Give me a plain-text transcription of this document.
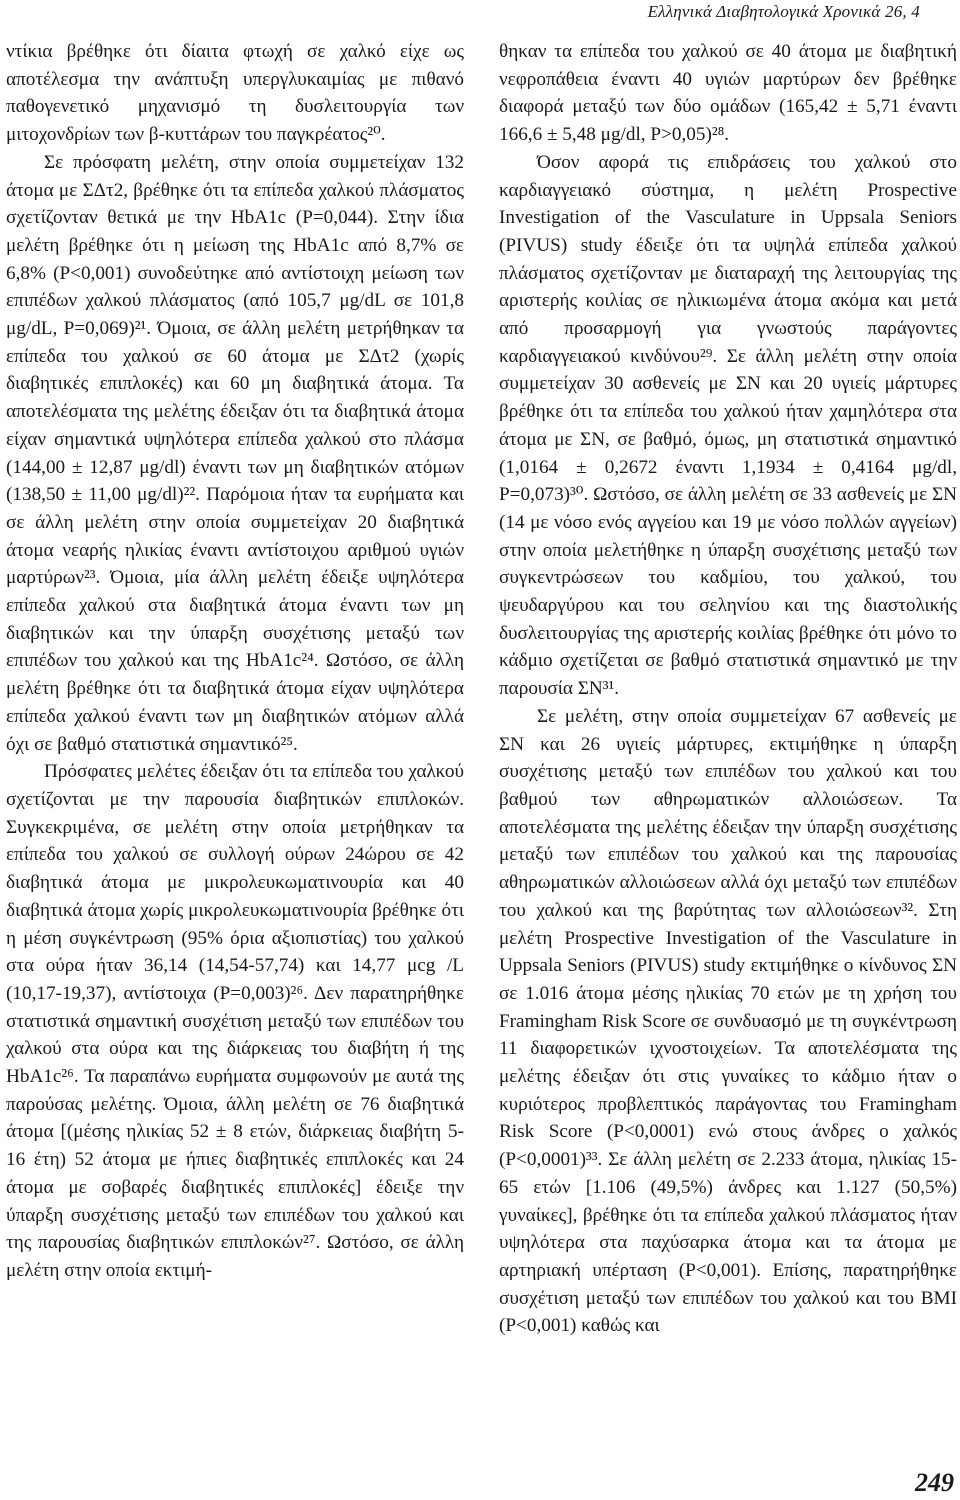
Ελληνικά Διαβητολογικά Χρονικά 26, 4

ντίκια βρέθηκε ότι δίαιτα φτωχή σε χαλκό είχε ως αποτέλεσμα την ανάπτυξη υπεργλυκαιμίας με πιθανό παθογενετικό μηχανισμό τη δυσλειτουργία των μιτοχονδρίων των β-κυττάρων του παγκρέατος²⁰.

Σε πρόσφατη μελέτη, στην οποία συμμετείχαν 132 άτομα με ΣΔτ2, βρέθηκε ότι τα επίπεδα χαλκού πλάσματος σχετίζονταν θετικά με την HbA1c (P=0,044). Στην ίδια μελέτη βρέθηκε ότι η μείωση της HbA1c από 8,7% σε 6,8% (P<0,001) συνοδεύτηκε από αντίστοιχη μείωση των επιπέδων χαλκού πλάσματος (από 105,7 μg/dL σε 101,8 μg/dL, P=0,069)²¹. Όμοια, σε άλλη μελέτη μετρήθηκαν τα επίπεδα του χαλκού σε 60 άτομα με ΣΔτ2 (χωρίς διαβητικές επιπλοκές) και 60 μη διαβητικά άτομα. Τα αποτελέσματα της μελέτης έδειξαν ότι τα διαβητικά άτομα είχαν σημαντικά υψηλότερα επίπεδα χαλκού στο πλάσμα (144,00 ± 12,87 μg/dl) έναντι των μη διαβητικών ατόμων (138,50 ± 11,00 μg/dl)²². Παρόμοια ήταν τα ευρήματα και σε άλλη μελέτη στην οποία συμμετείχαν 20 διαβητικά άτομα νεαρής ηλικίας έναντι αντίστοιχου αριθμού υγιών μαρτύρων²³. Όμοια, μία άλλη μελέτη έδειξε υψηλότερα επίπεδα χαλκού στα διαβητικά άτομα έναντι των μη διαβητικών και την ύπαρξη συσχέτισης μεταξύ των επιπέδων του χαλκού και της HbA1c²⁴. Ωστόσο, σε άλλη μελέτη βρέθηκε ότι τα διαβητικά άτομα είχαν υψηλότερα επίπεδα χαλκού έναντι των μη διαβητικών ατόμων αλλά όχι σε βαθμό στατιστικά σημαντικό²⁵.

Πρόσφατες μελέτες έδειξαν ότι τα επίπεδα του χαλκού σχετίζονται με την παρουσία διαβητικών επιπλοκών. Συγκεκριμένα, σε μελέτη στην οποία μετρήθηκαν τα επίπεδα του χαλκού σε συλλογή ούρων 24ώρου σε 42 διαβητικά άτομα με μικρολευκωματινουρία και 40 διαβητικά άτομα χωρίς μικρολευκωματινουρία βρέθηκε ότι η μέση συγκέντρωση (95% όρια αξιοπιστίας) του χαλκού στα ούρα ήταν 36,14 (14,54-57,74) και 14,77 μcg /L (10,17-19,37), αντίστοιχα (P=0,003)²⁶. Δεν παρατηρήθηκε στατιστικά σημαντική συσχέτιση μεταξύ των επιπέδων του χαλκού στα ούρα και της διάρκειας του διαβήτη ή της HbA1c²⁶. Τα παραπάνω ευρήματα συμφωνούν με αυτά της παρούσας μελέτης. Όμοια, άλλη μελέτη σε 76 διαβητικά άτομα [(μέσης ηλικίας 52 ± 8 ετών, διάρκειας διαβήτη 5-16 έτη) 52 άτομα με ήπιες διαβητικές επιπλοκές και 24 άτομα με σοβαρές διαβητικές επιπλοκές] έδειξε την ύπαρξη συσχέτισης μεταξύ των επιπέδων του χαλκού και της παρουσίας διαβητικών επιπλοκών²⁷. Ωστόσο, σε άλλη μελέτη στην οποία εκτιμή-

θηκαν τα επίπεδα του χαλκού σε 40 άτομα με διαβητική νεφροπάθεια έναντι 40 υγιών μαρτύρων δεν βρέθηκε διαφορά μεταξύ των δύο ομάδων (165,42 ± 5,71 έναντι 166,6 ± 5,48 μg/dl, P>0,05)²⁸.

Όσον αφορά τις επιδράσεις του χαλκού στο καρδιαγγειακό σύστημα, η μελέτη Prospective Investigation of the Vasculature in Uppsala Seniors (PIVUS) study έδειξε ότι τα υψηλά επίπεδα χαλκού πλάσματος σχετίζονταν με διαταραχή της λειτουργίας της αριστερής κοιλίας σε ηλικιωμένα άτομα ακόμα και μετά από προσαρμογή για γνωστούς παράγοντες καρδιαγγειακού κινδύνου²⁹. Σε άλλη μελέτη στην οποία συμμετείχαν 30 ασθενείς με ΣΝ και 20 υγιείς μάρτυρες βρέθηκε ότι τα επίπεδα του χαλκού ήταν χαμηλότερα στα άτομα με ΣΝ, σε βαθμό, όμως, μη στατιστικά σημαντικό (1,0164 ± 0,2672 έναντι 1,1934 ± 0,4164 μg/dl, P=0,073)³⁰. Ωστόσο, σε άλλη μελέτη σε 33 ασθενείς με ΣΝ (14 με νόσο ενός αγγείου και 19 με νόσο πολλών αγγείων) στην οποία μελετήθηκε η ύπαρξη συσχέτισης μεταξύ των συγκεντρώσεων του καδμίου, του χαλκού, του ψευδαργύρου και του σεληνίου και της διαστολικής δυσλειτουργίας της αριστερής κοιλίας βρέθηκε ότι μόνο το κάδμιο σχετίζεται σε βαθμό στατιστικά σημαντικό με την παρουσία ΣΝ³¹.

Σε μελέτη, στην οποία συμμετείχαν 67 ασθενείς με ΣΝ και 26 υγιείς μάρτυρες, εκτιμήθηκε η ύπαρξη συσχέτισης μεταξύ των επιπέδων του χαλκού και του βαθμού των αθηρωματικών αλλοιώσεων. Τα αποτελέσματα της μελέτης έδειξαν την ύπαρξη συσχέτισης μεταξύ των επιπέδων του χαλκού και της παρουσίας αθηρωματικών αλλοιώσεων αλλά όχι μεταξύ των επιπέδων του χαλκού και της βαρύτητας των αλλοιώσεων³². Στη μελέτη Prospective Investigation of the Vasculature in Uppsala Seniors (PIVUS) study εκτιμήθηκε ο κίνδυνος ΣΝ σε 1.016 άτομα μέσης ηλικίας 70 ετών με τη χρήση του Framingham Risk Score σε συνδυασμό με τη συγκέντρωση 11 διαφορετικών ιχνοστοιχείων. Τα αποτελέσματα της μελέτης έδειξαν ότι στις γυναίκες το κάδμιο ήταν ο κυριότερος προβλεπτικός παράγοντας του Framingham Risk Score (P<0,0001) ενώ στους άνδρες ο χαλκός (P<0,0001)³³. Σε άλλη μελέτη σε 2.233 άτομα, ηλικίας 15-65 ετών [1.106 (49,5%) άνδρες και 1.127 (50,5%) γυναίκες], βρέθηκε ότι τα επίπεδα χαλκού πλάσματος ήταν υψηλότερα στα παχύσαρκα άτομα και τα άτομα με αρτηριακή υπέρταση (P<0,001). Επίσης, παρατηρήθηκε συσχέτιση μεταξύ των επιπέδων του χαλκού και του BMI (P<0,001) καθώς και

249
